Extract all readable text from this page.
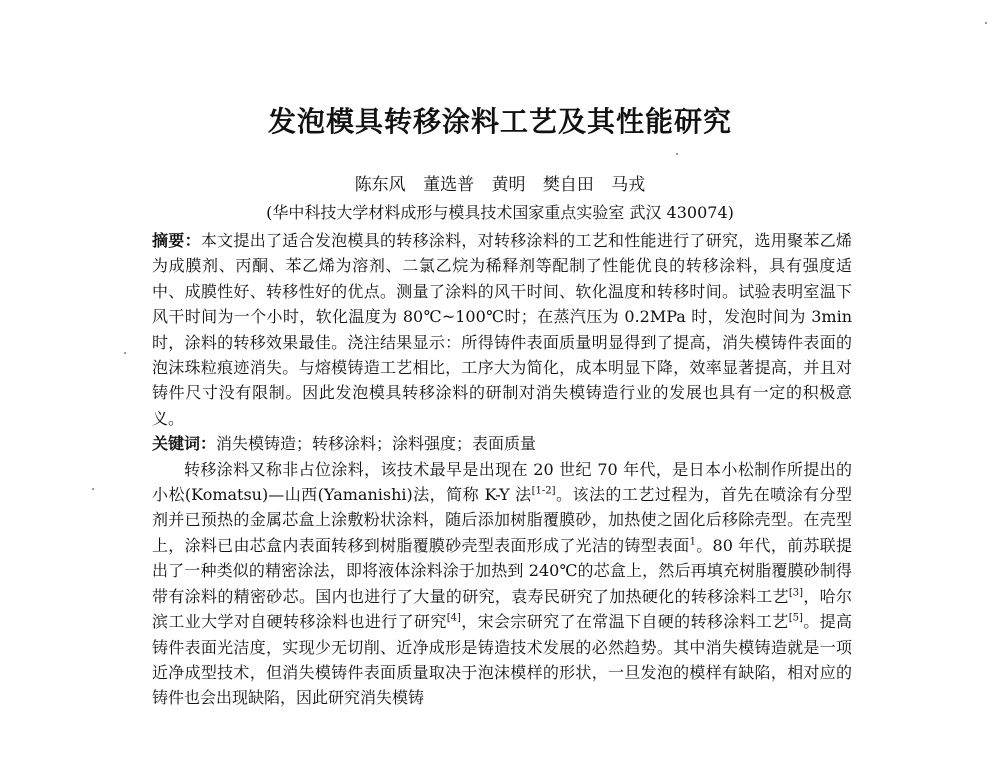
发泡模具转移涂料工艺及其性能研究
陈东风 董选普 黄明 樊自田 马戎
(华中科技大学材料成形与模具技术国家重点实验室 武汉 430074)

摘要：本文提出了适合发泡模具的转移涂料，对转移涂料的工艺和性能进行了研究，选用聚苯乙烯为成膜剂、丙酮、苯乙烯为溶剂、二氯乙烷为稀释剂等配制了性能优良的转移涂料，具有强度适中、成膜性好、转移性好的优点。测量了涂料的风干时间、软化温度和转移时间。试验表明室温下风干时间为一个小时，软化温度为 80℃~100℃时；在蒸汽压为 0.2MPa 时，发泡时间为 3min 时，涂料的转移效果最佳。浇注结果显示：所得铸件表面质量明显得到了提高，消失模铸件表面的泡沫珠粒痕迹消失。与熔模铸造工艺相比，工序大为简化，成本明显下降，效率显著提高，并且对铸件尺寸没有限制。因此发泡模具转移涂料的研制对消失模铸造行业的发展也具有一定的积极意义。

关键词：消失模铸造；转移涂料；涂料强度；表面质量

转移涂料又称非占位涂料，该技术最早是出现在 20 世纪 70 年代，是日本小松制作所提出的小松(Komatsu)—山西(Yamanishi)法，简称 K-Y 法[1-2]。该法的工艺过程为，首先在喷涂有分型剂并已预热的金属芯盒上涂敷粉状涂料，随后添加树脂覆膜砂，加热使之固化后移除壳型。在壳型上，涂料已由芯盒内表面转移到树脂覆膜砂壳型表面形成了光洁的铸型表面$^1$。80 年代，前苏联提出了一种类似的精密涂法，即将液体涂料涂于加热到 240℃的芯盒上，然后再填充树脂覆膜砂制得带有涂料的精密砂芯。国内也进行了大量的研究，袁寿民研究了加热硬化的转移涂料工艺[3]，哈尔滨工业大学对自硬转移涂料也进行了研究[4]，宋会宗研究了在常温下自硬的转移涂料工艺[5]。提高铸件表面光洁度，实现少无切削、近净成形是铸造技术发展的必然趋势。其中消失模铸造就是一项近净成型技术，但消失模铸件表面质量取决于泡沫模样的形状，一旦发泡的模样有缺陷，相对应的铸件也会出现缺陷，因此研究消失模铸
